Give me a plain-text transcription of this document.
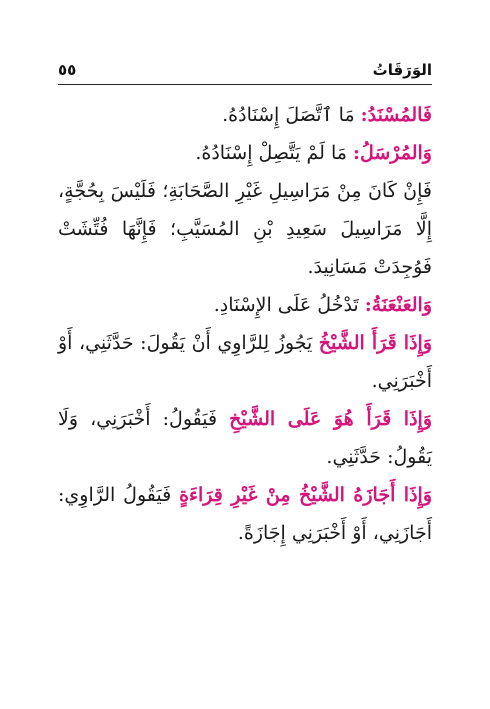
الوَرَقَاتُ
٥٥

فَالمُسْنَدُ: مَا ٱتَّصَلَ إِسْنَادُهُ.

وَالمُرْسَلُ: مَا لَمْ يَتَّصِلْ إِسْنَادُهُ.

فَإِنْ كَانَ مِنْ مَرَاسِيلِ غَيْرِ الصَّحَابَةِ؛ فَلَيْسَ بِحُجَّةٍ، إِلَّا مَرَاسِيلَ سَعِيدِ بْنِ المُسَيَّبِ؛ فَإِنَّهَا فُتِّشَتْ فَوُجِدَتْ مَسَانِيدَ.

وَالعَنْعَنَةُ: تَدْخُلُ عَلَى الإِسْنَادِ.

وَإِذَا قَرَأَ الشَّيْخُ يَجُوزُ لِلرَّاوِي أَنْ يَقُولَ: حَدَّثَنِي، أَوْ أَخْبَرَنِي.

وَإِذَا قَرَأَ هُوَ عَلَى الشَّيْخِ فَيَقُولُ: أَخْبَرَنِي، وَلَا يَقُولُ: حَدَّثَنِي.

وَإِذَا أَجَازَهُ الشَّيْخُ مِنْ غَيْرِ قِرَاءَةٍ فَيَقُولُ الرَّاوِي: أَجَازَنِي، أَوْ أَخْبَرَنِي إِجَازَةً.
